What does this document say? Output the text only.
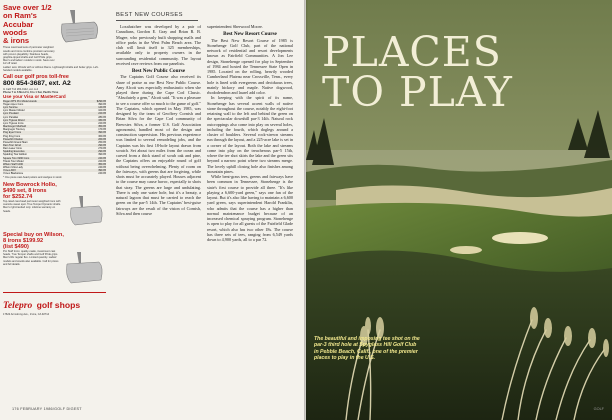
Save over 1/2
on Ram's
Accubar
woods
& irons
These cast-head sets of perimeter weighted woods and irons combine precision accuracy with proven playability. Stainless heads, graphite-tipped shafts and Golf Pride grips. Men's and ladies' models in stock. Save over 1/2 off retail.
Ladies' sets: Woods with or without Rams. Lightweight shafts and better grips. Left-handed models available.
Call our golf pros toll-free
800 854-3687, ext. A2
In Calif 714 284-0142, ext. A-2
Phone 7 to 6 Mon-Fri, 8 to 1 Sat, Pacific Time
Use your Visa or MasterCard
Rogan RTS Pro Model woods	$299.95
Hogan Apex Irons	399.95
Lynx Sunrise	149.95
Lynx Master Model	109.95
Lynx Predator	229.95
Lynx Parallax	289.95
Lynx Tigress Wood	339.95
Lynx Tigress Irons	229.95
MacGregor Muirfield	359.95
Macgregor Tourney	179.95
Ping Eye2 Irons	399.95
Ping Zing Irons	369.95
Powerbilt Citation	269.95
Powerbilt Grand Slam	259.95
Ram Tour Grind	299.95
Ram Laser Irons	279.95
Spalding Executive	299.95
Spalding Tour Edition	399.95
Square Two 1990 Irons	249.95
Titleist Tour Model	229.95
Wilson Staff 1200	359.95
Wilson Ultra Lady	249.95
Yonex ADX	399.95
Yonex Blackstone	249.95
* One piece cast-head putters and wedges in stock
New Bowrock Hollo,
$490 set, 8 irons
for $252.74
Top-rated cast-head perimeter weighted irons with oversize sweet spot. True Temper Dynamic shafts. Men's right-handed only. Lifetime warranty on heads.
Special buy on Wilson,
8 irons $199.92
(list $490)
Pro Staff Irons: quality-made, investment cast heads, True Temper shafts and Golf Pride grips. Men's RH regular flex. Limited quantity. Ladies' models and woods also available. Call for prices and full details.
Telepro golf shops
17622 Armstrong Ave., Irvine, CA 92714
BEST NEW COURSES

Loxahatchee was developed by a pair of Canadians, Gordon E. Gray and Brian R. B. Magee, who previously built shopping malls and office parks in the West Palm Beach area. The club will limit itself to 325 memberships, available only to property owners in the surrounding residential community. The layout received rave reviews from our panelists.

Best New Public Course

The Captains Golf Course also received its share of praise as our Best New Public Course. Amy Alcott was especially enthusiastic when she played there during the Cape Cod Classic. "Absolutely a gem," Alcott said. "It was a pleasure to see a course offer so much to the game of golf." The Captains, which opened in May 1985, was designed by the team of Geoffrey Cornish and Brian Silva for the Cape Cod community of Brewster. Silva, a former U.S. Golf Association agronomist, handled most of the design and construction supervision. His previous experience was limited to several remodeling jobs, and the Captains was his first 18-hole layout drawn from scratch. Set about two miles from the ocean and carved from a thick stand of scrub oak and pine, the Captains offers an enjoyable round of golf without being overwhelming. Plenty of room on the fairways, with greens that are forgiving, while shots must be accurately played. Houses adjacent to the course may cause havoc, especially to shots that stray. The greens are large and undulating. There is only one water hole, but it's a beauty, a natural lagoon that must be carried to reach the green on the par-5 14th. The Captains' best-guise fairways are the result of the vision of Cornish, Silva and then course

superintendent Sherwood Moore.

Best New Resort Course

The Best New Resort Course of 1985 is Stonehenge Golf Club, part of the national network of residential and resort developments known as Fairfield Communities. A Jon Lee design, Stonehenge opened for play in September of 1984 and hosted the Tennessee State Open in 1985. Located on the rolling, heavily wooded Cumberland Plateau near Crossville, Tenn., every hole is lined with evergreens and deciduous trees, mainly hickory and maple. Native dogwood, rhododendron and laurel add color.

In keeping with the spirit of its name, Stonehenge has several accent walls of native stone throughout the course, notably the eight-foot retaining wall to the left and behind the green on the spectacular downhill par-3 14th. Natural rock outcroppings also come into play on several holes, including the fourth, which doglegs around a cluster of boulders. Several rock-strewn streams run through the layout, and a 225-acre lake is set in a corner of the layout. Both the lake and streams come into play on the treacherous par-5 15th, where the tee shot skirts the lake and the green sits beyond a narrow point where two streams merge. The lovely uphill closing hole also finishes among mountain pines.

While bent-grass tees, greens and fairways have been common in Tennessee, Stonehenge is the state's first course to provide all three. "It's like playing a 6,600-yard green," says one fan of the layout. But it's also like having to maintain a 6,600 yard green, says superintendent Harold Franklin, who admits that the course has a higher than normal maintenance budget because of an increased chemical spraying program. Stonehenge is open to play for all guests of the Fairfield Glade resort, which also has two other 18s. The course has three sets of tees, ranging from 6,549 yards down to 4,900 yards, all to a par 72.

176 FEBRUARY 1986/GOLF DIGEST
PLACES
TO PLAY
The beautiful and imposing tee shot on the par-3 third hole at Spyglass Hill Golf Club in Pebble Beach, Calif., one of the premier places to play in the U.S.
GOLF
